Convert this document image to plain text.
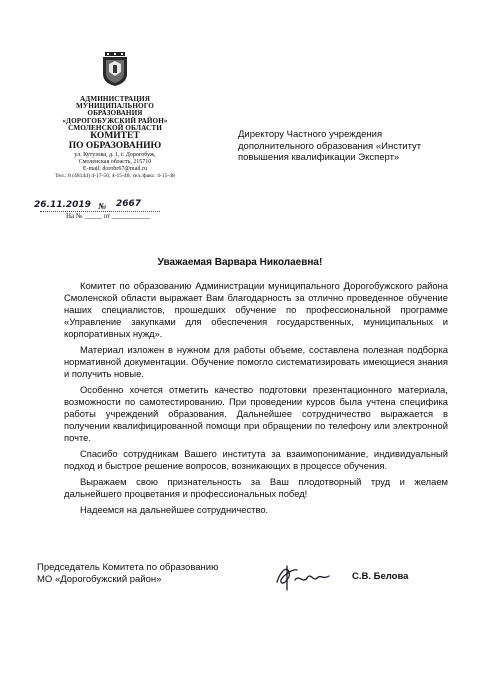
АДМИНИСТРАЦИЯ
МУНИЦИПАЛЬНОГО
ОБРАЗОВАНИЯ
«ДОРОГОБУЖСКИЙ РАЙОН»
СМОЛЕНСКОЙ ОБЛАСТИ
КОМИТЕТ
ПО ОБРАЗОВАНИЮ
ул. Кутузова, д. 1, г. Дорогобуж,
Смоленская область, 215710
E-mail: dorobr67@mail.ru
Тел.: 8 (48144) 4-17-56, 4-15-48, тел./факс: 4-15-48
26.11.2019 № 2667
На № _____ от ___________
Директору Частного учреждения
дополнительного образования «Институт
повышения квалификации Эксперт»
Уважаемая Варвара Николаевна!

Комитет по образованию Администрации муниципального Дорогобужского района Смоленской области выражает Вам благодарность за отлично проведенное обучение наших специалистов, прошедших обучение по профессиональной программе «Управление закупками для обеспечения государственных, муниципальных и корпоративных нужд».

Материал изложен в нужном для работы объеме, составлена полезная подборка нормативной документации. Обучение помогло систематизировать имеющиеся знания и получить новые.

Особенно хочется отметить качество подготовки презентационного материала, возможности по самотестированию. При проведении курсов была учтена специфика работы учреждений образования. Дальнейшее сотрудничество выражается в получении квалифицированной помощи при обращении по телефону или электронной почте.

Спасибо сотрудникам Вашего института за взаимопонимание, индивидуальный подход и быстрое решение вопросов, возникающих в процессе обучения.

Выражаем свою признательность за Ваш плодотворный труд и желаем дальнейшего процветания и профессиональных побед!

Надеемся на дальнейшее сотрудничество.

Председатель Комитета по образованию
МО «Дорогобужский район»	С.В. Белова
